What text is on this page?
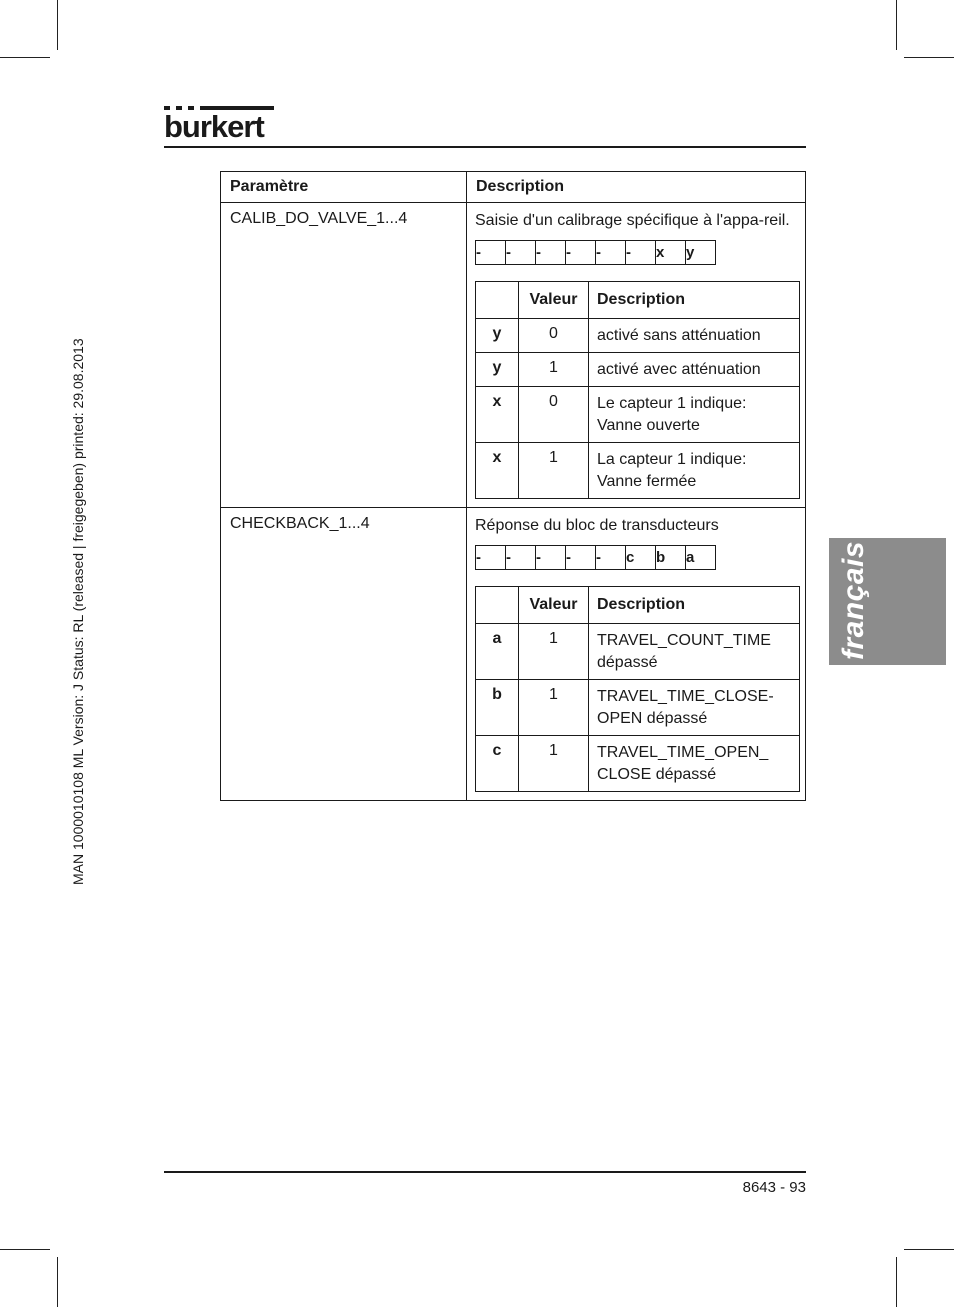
burkert
MAN 1000010108 ML Version: J Status: RL (released | freigegeben) printed: 29.08.2013	français
Paramètre	Description
CALIB_DO_VALVE_1...4	Saisie d'un calibrage spécifique à l'appa-reil.
-	-	-	-	-	-	x	y
	Valeur	Description
y	0	activé sans atténuation
y	1	activé avec atténuation
x	0	Le capteur 1 indique: Vanne ouverte
x	1	La capteur 1 indique: Vanne fermée

CHECKBACK_1...4	Réponse du bloc de transducteurs
-	-	-	-	-	c	b	a
	Valeur	Description
a	1	TRAVEL_COUNT_TIME dépassé
b	1	TRAVEL_TIME_CLOSE-OPEN dépassé
c	1	TRAVEL_TIME_OPEN_ CLOSE dépassé
8643 - 93
